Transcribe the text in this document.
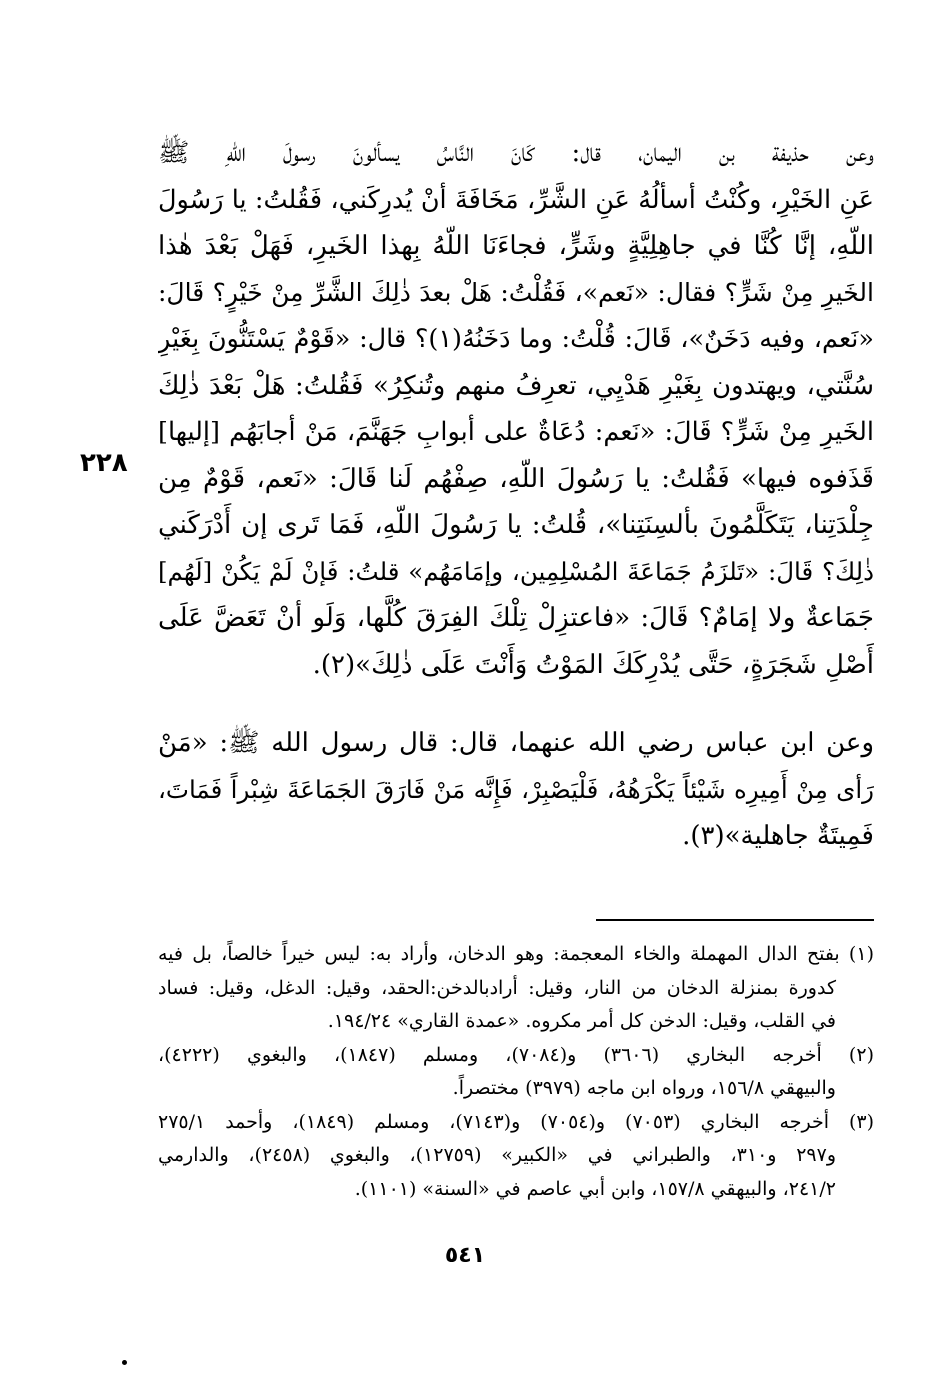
وعن حذيفة بن اليمان، قال: كَانَ النَّاسُ يسألونَ رسولَ اللّهِ ﷺ
عَنِ الخَيْرِ، وكُنْتُ أسألُهُ عَنِ الشَّرِّ، مَخَافَةَ أنْ يُدرِكَني، فَقُلتُ: يا رَسُولَ
اللّهِ، إنَّا كُنَّا في جاهِلِيَّةٍ وشَرٍّ، فجاءَنَا اللّهُ بِهذا الخَيرِ، فَهَلْ بَعْدَ هٰذا
الخَيرِ مِنْ شَرٍّ؟ فقال: «نَعم»، فَقُلْتُ: هَلْ بعدَ ذٰلِكَ الشَّرِّ مِنْ خَيْرٍ؟ قَالَ:
«نَعم، وفيه دَخَنٌ»، قَالَ: قُلْتُ: وما دَخَنُهُ(١)؟ قال: «قَوْمٌ يَسْتَنُّونَ بِغَيْرِ
سُنَّتي، ويهتدون بِغَيْرِ هَدْيِي، تعرِفُ منهم وتُنكِرُ» فَقُلتُ: هَلْ بَعْدَ ذٰلِكَ
الخَيرِ مِنْ شَرٍّ؟ قَالَ: «نَعم: دُعَاةٌ على أبوابِ جَهَنَّمَ، مَنْ أجابَهُم [إليها]
قَذَفوه فيها» فَقُلتُ: يا رَسُولَ اللّهِ، صِفْهُم لَنا قَالَ: «نَعم، قَوْمٌ مِن
جِلْدَتِنا، يَتَكَلَّمُونَ بألسِنَتِنا»، قُلتُ: يا رَسُولَ اللّهِ، فَمَا تَرى إن أَدْرَكَني
ذٰلِكَ؟ قَالَ: «تَلزَمُ جَمَاعَةَ المُسْلِمِين، وإمَامَهُم» قلتُ: فَإنْ لَمْ يَكُنْ [لَهُم]
جَمَاعةٌ ولا إمَامٌ؟ قَالَ: «فاعتزِلْ تِلْكَ الفِرَقَ كُلَّها، وَلَو أنْ تَعَضَّ عَلَى
أَصْلِ شَجَرَةٍ، حَتَّى يُدْرِكَكَ المَوْتُ وَأَنْتَ عَلَى ذٰلِكَ»(٢).
وعن ابن عباس رضي الله عنهما، قال: قال رسول الله ﷺ: «مَنْ
رَأى مِنْ أَمِيرِه شَيْئاً يَكْرَهُهُ، فَلْيَصْبِرْ، فَإِنَّه مَنْ فَارَقَ الجَمَاعَةَ شِبْراً فَمَاتَ،
فَمِيتَةٌ جاهلية»(٣).
٢٢٨
(١) بفتح الدال المهملة والخاء المعجمة: وهو الدخان، وأراد به: ليس خيراً خالصاً، بل فيه
كدورة بمنزلة الدخان من النار، وقيل: أرادبالدخن:الحقد، وقيل: الدغل، وقيل: فساد
في القلب، وقيل: الدخن كل أمر مكروه. «عمدة القاري» ١٩٤/٢٤.
(٢) أخرجه البخاري (٣٦٠٦) و(٧٠٨٤)، ومسلم (١٨٤٧)، والبغوي (٤٢٢٢)،
والبيهقي ١٥٦/٨، ورواه ابن ماجه (٣٩٧٩) مختصراً.
(٣) أخرجه البخاري (٧٠٥٣) و(٧٠٥٤) و(٧١٤٣)، ومسلم (١٨٤٩)، وأحمد ٢٧٥/١
و٢٩٧ و٣١٠، والطبراني في «الكبير» (١٢٧٥٩)، والبغوي (٢٤٥٨)، والدارمي
٢٤١/٢، والبيهقي ١٥٧/٨، وابن أبي عاصم في «السنة» (١١٠١).
٥٤١
